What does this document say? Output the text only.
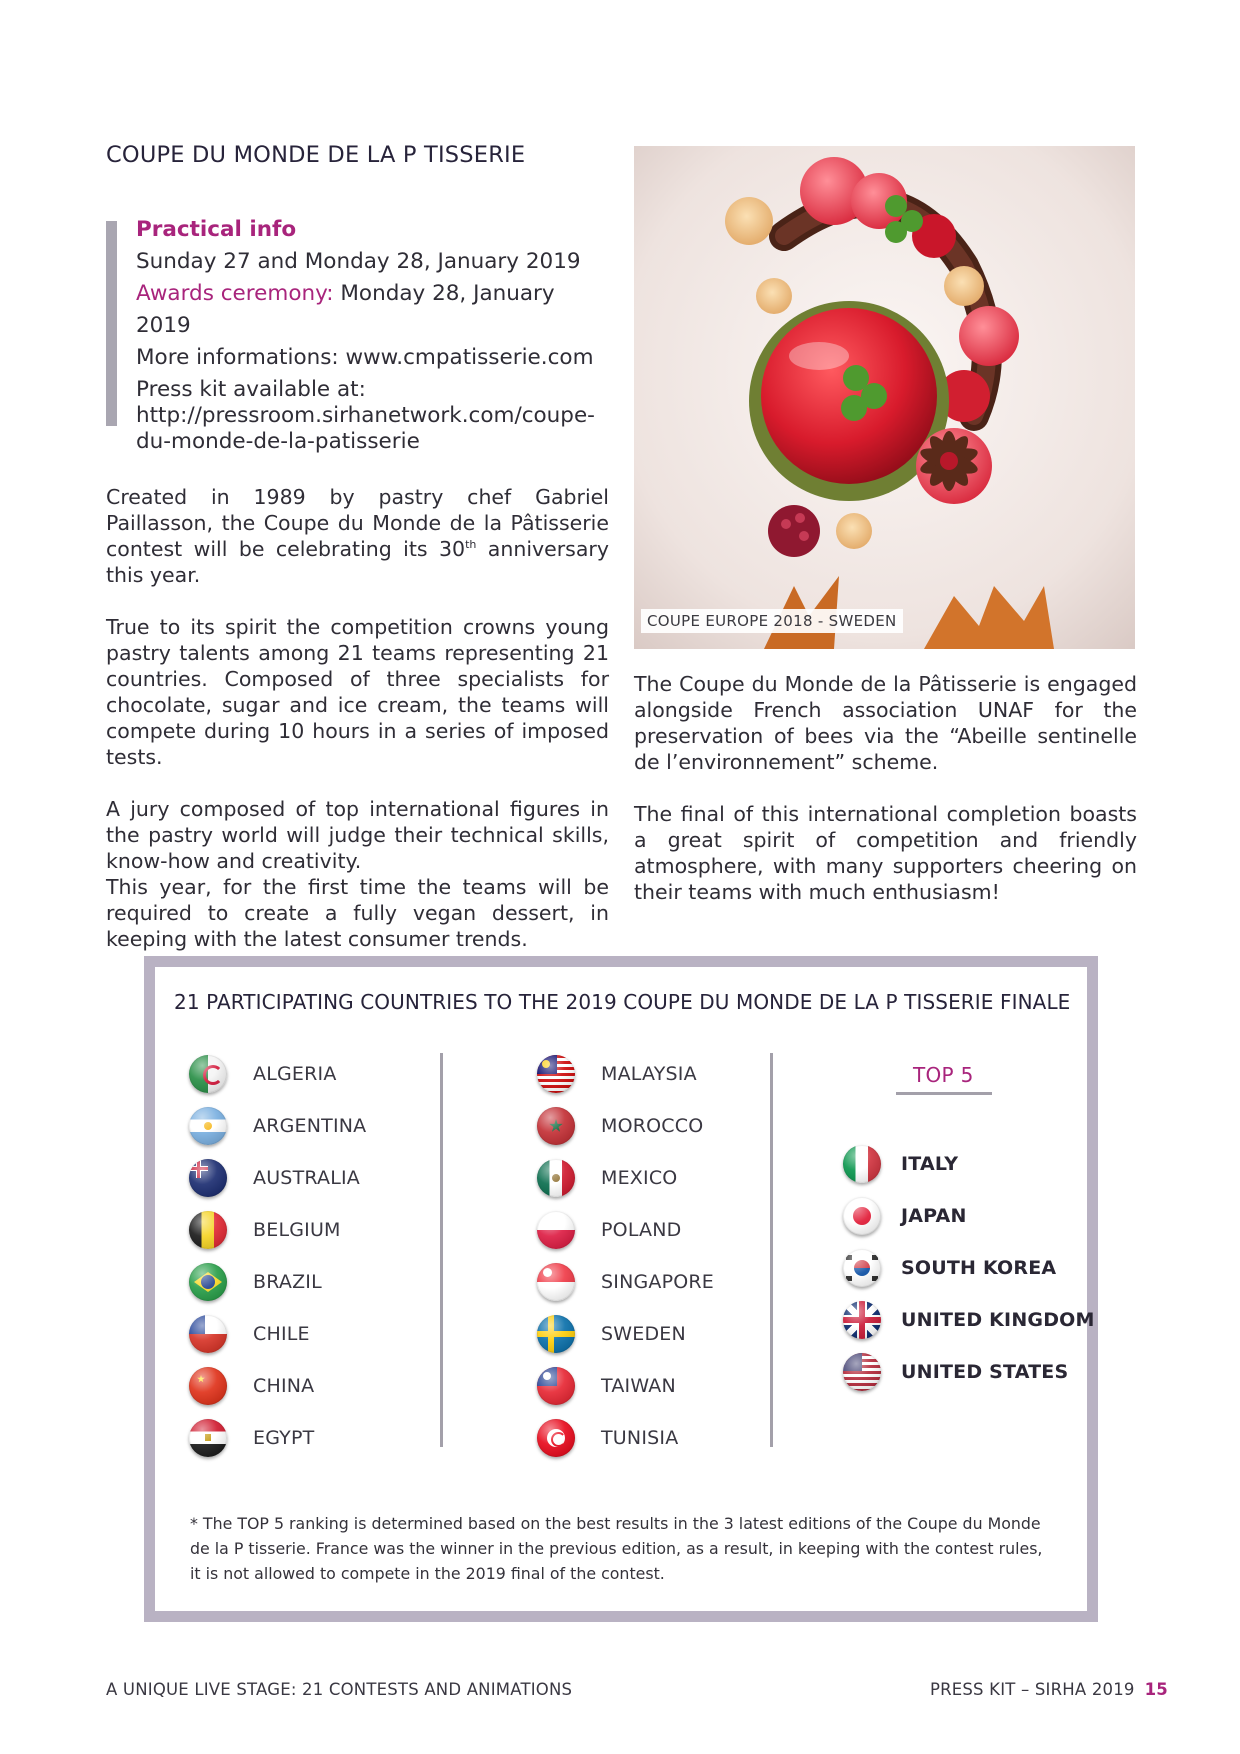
COUPE DU MONDE DE LA P TISSERIE
Practical info
Sunday 27 and Monday 28, January 2019
Awards ceremony: Monday 28, January 2019
More informations: www.cmpatisserie.com
Press kit available at:
http://pressroom.sirhanetwork.com/coupe-
du-monde-de-la-patisserie

Created in 1989 by pastry chef Gabriel Paillasson, the Coupe du Monde de la Pâtisserie contest will be celebrating its 30th anniversary this year.

True to its spirit the competition crowns young pastry talents among 21 teams representing 21 countries. Composed of three specialists for chocolate, sugar and ice cream, the teams will compete during 10 hours in a series of imposed tests.

A jury composed of top international figures in the pastry world will judge their technical skills, know-how and creativity.

This year, for the first time the teams will be required to create a fully vegan dessert, in keeping with the latest consumer trends.

COUPE EUROPE 2018 - SWEDEN

The Coupe du Monde de la Pâtisserie is engaged alongside French association UNAF for the preservation of bees via the “Abeille sentinelle de l’environnement” scheme.

The final of this international completion boasts a great spirit of competition and friendly atmosphere, with many supporters cheering on their teams with much enthusiasm!

21 PARTICIPATING COUNTRIES TO THE 2019 COUPE DU MONDE DE LA P TISSERIE FINALE
ALGERIA
ARGENTINA
AUSTRALIA
BELGIUM
BRAZIL
CHILE
CHINA
EGYPT
MALAYSIA
MOROCCO
MEXICO
POLAND
SINGAPORE
SWEDEN
TAIWAN
TUNISIA
TOP 5
ITALY
JAPAN
SOUTH KOREA
UNITED KINGDOM
UNITED STATES
* The TOP 5 ranking is determined based on the best results in the 3 latest editions of the Coupe du Monde de la P tisserie. France was the winner in the previous edition, as a result, in keeping with the contest rules, it is not allowed to compete in the 2019 final of the contest.
A UNIQUE LIVE STAGE: 21 CONTESTS AND ANIMATIONS	PRESS KIT – SIRHA 2019 15
